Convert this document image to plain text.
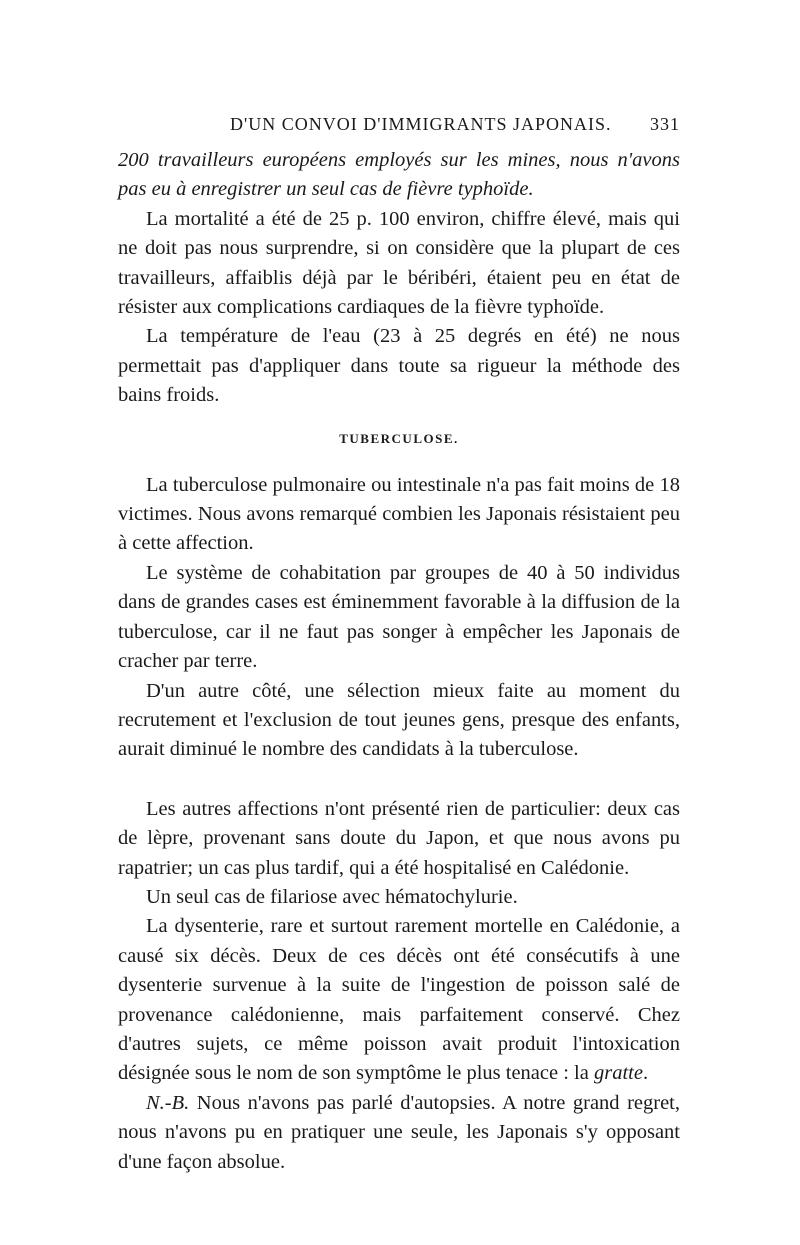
D'UN CONVOI D'IMMIGRANTS JAPONAIS. 331

200 travailleurs européens employés sur les mines, nous n'avons pas eu à enregistrer un seul cas de fièvre typhoïde.

La mortalité a été de 25 p. 100 environ, chiffre élevé, mais qui ne doit pas nous surprendre, si on considère que la plupart de ces travailleurs, affaiblis déjà par le béribéri, étaient peu en état de résister aux complications cardiaques de la fièvre typhoïde.

La température de l'eau (23 à 25 degrés en été) ne nous permettait pas d'appliquer dans toute sa rigueur la méthode des bains froids.

TUBERCULOSE.

La tuberculose pulmonaire ou intestinale n'a pas fait moins de 18 victimes. Nous avons remarqué combien les Japonais résistaient peu à cette affection.

Le système de cohabitation par groupes de 40 à 50 individus dans de grandes cases est éminemment favorable à la diffusion de la tuberculose, car il ne faut pas songer à empêcher les Japonais de cracher par terre.

D'un autre côté, une sélection mieux faite au moment du recrutement et l'exclusion de tout jeunes gens, presque des enfants, aurait diminué le nombre des candidats à la tuberculose.

Les autres affections n'ont présenté rien de particulier: deux cas de lèpre, provenant sans doute du Japon, et que nous avons pu rapatrier; un cas plus tardif, qui a été hospitalisé en Calédonie.

Un seul cas de filariose avec hématochylurie.

La dysenterie, rare et surtout rarement mortelle en Calédonie, a causé six décès. Deux de ces décès ont été consécutifs à une dysenterie survenue à la suite de l'ingestion de poisson salé de provenance calédonienne, mais parfaitement conservé. Chez d'autres sujets, ce même poisson avait produit l'intoxication désignée sous le nom de son symptôme le plus tenace : la gratte.

N.-B. Nous n'avons pas parlé d'autopsies. A notre grand regret, nous n'avons pu en pratiquer une seule, les Japonais s'y opposant d'une façon absolue.
